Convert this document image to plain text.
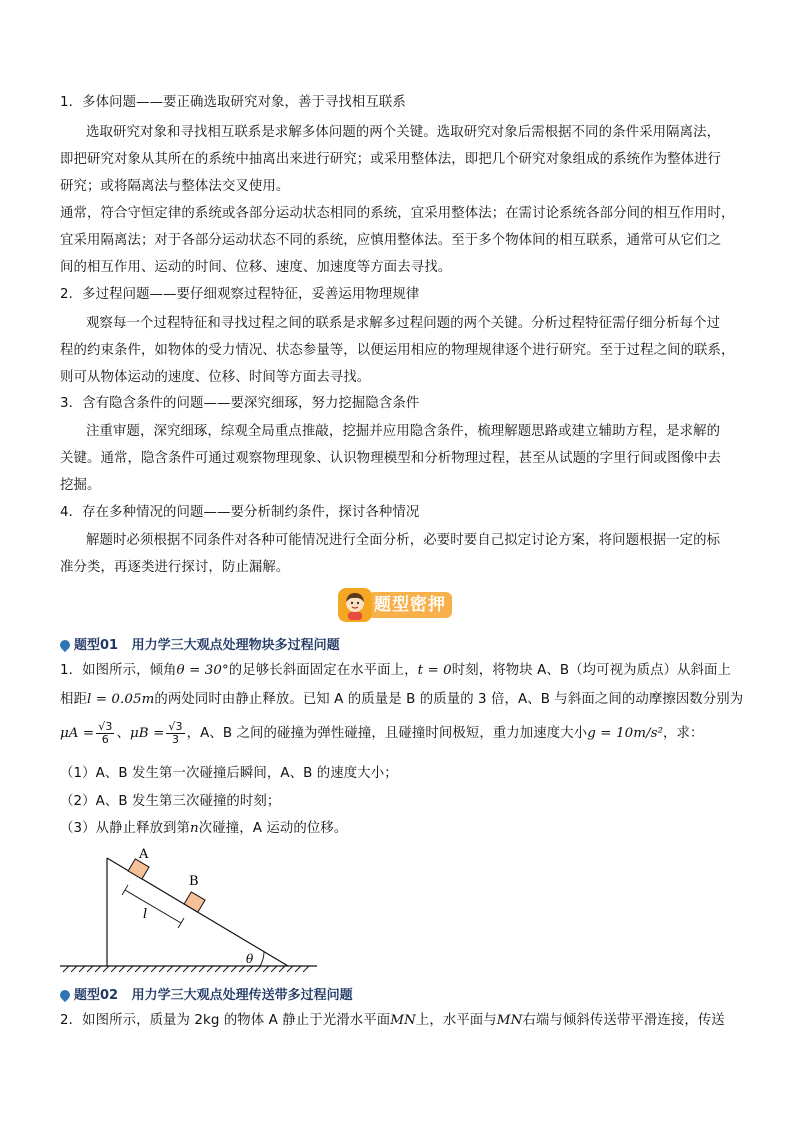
1．多体问题——要正确选取研究对象，善于寻找相互联系
选取研究对象和寻找相互联系是求解多体问题的两个关键。选取研究对象后需根据不同的条件采用隔离法，
即把研究对象从其所在的系统中抽离出来进行研究；或采用整体法，即把几个研究对象组成的系统作为整体进行
研究；或将隔离法与整体法交叉使用。
通常，符合守恒定律的系统或各部分运动状态相同的系统，宜采用整体法；在需讨论系统各部分间的相互作用时，
宜采用隔离法；对于各部分运动状态不同的系统，应慎用整体法。至于多个物体间的相互联系，通常可从它们之
间的相互作用、运动的时间、位移、速度、加速度等方面去寻找。
2．多过程问题——要仔细观察过程特征，妥善运用物理规律
观察每一个过程特征和寻找过程之间的联系是求解多过程问题的两个关键。分析过程特征需仔细分析每个过
程的约束条件，如物体的受力情况、状态参量等，以便运用相应的物理规律逐个进行研究。至于过程之间的联系，
则可从物体运动的速度、位移、时间等方面去寻找。
3．含有隐含条件的问题——要深究细琢，努力挖掘隐含条件
注重审题，深究细琢，综观全局重点推敲，挖掘并应用隐含条件，梳理解题思路或建立辅助方程，是求解的
关键。通常，隐含条件可通过观察物理现象、认识物理模型和分析物理过程，甚至从试题的字里行间或图像中去
挖掘。
4．存在多种情况的问题——要分析制约条件，探讨各种情况
解题时必须根据不同条件对各种可能情况进行全面分析，必要时要自己拟定讨论方案，将问题根据一定的标
准分类，再逐类进行探讨，防止漏解。
题型密押
题型01 用力学三大观点处理物块多过程问题
1．如图所示，倾角θ = 30°的足够长斜面固定在水平面上，t = 0时刻，将物块 A、B（均可视为质点）从斜面上
相距l = 0.05m的两处同时由静止释放。已知 A 的质量是 B 的质量的 3 倍，A、B 与斜面之间的动摩擦因数分别为
$\mu A = \frac{√3}{6}$ 、$\mu B = \frac{√3}{3}$ ，A、B 之间的碰撞为弹性碰撞，且碰撞时间极短，重力加速度大小g = 10m/s²，求：
（1）A、B 发生第一次碰撞后瞬间，A、B 的速度大小；
（2）A、B 发生第三次碰撞的时刻；
（3）从静止释放到第n次碰撞，A 运动的位移。
A
B
l
θ
题型02 用力学三大观点处理传送带多过程问题
2．如图所示，质量为 2kg 的物体 A 静止于光滑水平面MN上，水平面与MN右端与倾斜传送带平滑连接，传送
